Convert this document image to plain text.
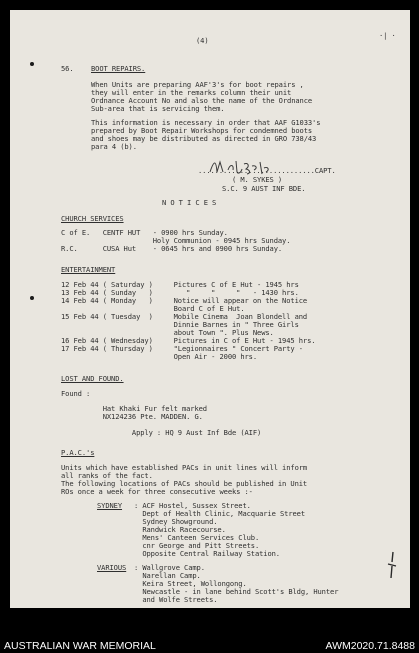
(4)
·| ·
56. BOOT REPAIRS.
When Units are preparing AAF'3's for boot repairs ,
they will enter in the remarks column their unit
Ordnance Account No and also the name of the Ordnance
Sub-area that is servicing them.
This information is necessary in order that AAF G1033's
prepared by Boot Repair Workshops for condemned boots
and shoes may be distributed as directed in GRO 738/43
para 4 (b).
............................CAPT.
( M. SYKES )
S.C. 9 AUST INF BDE.
N O T I C E S
CHURCH SERVICES
C of E.   CENTF HUT   - 0900 hrs Sunday.
Holy Communion - 0945 hrs Sunday.
R.C.      CUSA Hut    - 0645 hrs and 0900 hrs Sunday.
ENTERTAINMENT
12 Feb 44 ( Saturday )     Pictures C of E Hut - 1945 hrs
13 Feb 44 ( Sunday   )        "     "     "   - 1430 hrs.
14 Feb 44 ( Monday   )     Notice will appear on the Notice
Board C of E Hut.
15 Feb 44 ( Tuesday  )     Mobile Cinema  Joan Blondell and
Dinnie Barnes in " Three Girls
about Town ". Plus News.
16 Feb 44 ( Wednesday)     Pictures in C of E Hut - 1945 hrs.
17 Feb 44 ( Thursday )     "Legionnaires " Concert Party -
Open Air - 2000 hrs.
LOST AND FOUND.
Found :
Hat Khaki Fur felt marked
NX124236 Pte. MADDEN. G.
Apply : HQ 9 Aust Inf Bde (AIF)
P.A.C.'s
Units which have established PACs in unit lines will inform
all ranks of the fact.
The following locations of PACs should be published in Unit
ROs once a week for three consecutive weeks :-
SYDNEY : ACF Hostel, Sussex Street.
Dept of Health Clinic, Macquarie Street
Sydney Showground.
Randwick Racecourse.
Mens' Canteen Services Club.
cnr George and Pitt Streets.
Opposite Central Railway Station.
VARIOUS : Wallgrove Camp.
Narellan Camp.
Keira Street, Wollongong.
Newcastle - in lane behind Scott's Bldg, Hunter
and Wolfe Streets.
AUSTRALIAN WAR MEMORIAL	AWM2020.71.8488
